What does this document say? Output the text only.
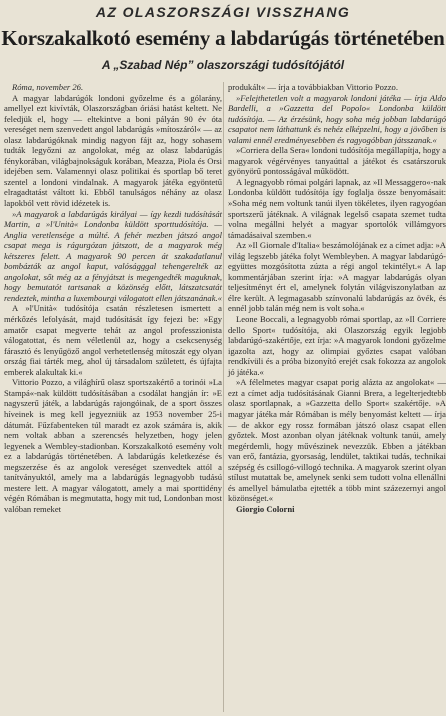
AZ OLASZORSZÁGI VISSZHANG
Korszakalkotó esemény a labdarúgás történetében
A „Szabad Nép” olaszországi tudósítójától

Róma, november 26.

A magyar labdarúgók londoni győzelme és a gólarány, amellyel ezt kivívták, Olaszországban óriási hatást keltett. Ne feledjük el, hogy — eltekintve a boni pályán 90 év óta vereséget nem szenvedett angol labdarúgás »mítoszáról« — az olasz labdarúgóknak mindig nagyon fájt az, hogy sohasem tudták legyőzni az angolokat, még az olasz labdarúgás fénykorában, világbajnokságuk korában, Meazza, Piola és Orsi idejében sem. Valamennyi olasz politikai és sportlap bő teret szentel a londoni vindalnak. A magyarok játéka egyöntetű elragadtatást váltott ki. Ebből tanulságos néhány az olasz lapokból vett rövid idézetek is.

»A magyarok a labdarúgás királyai — így kezdi tudósítását Martin, a »l'Unità« Londonba küldött sporttudósítója. — Anglia veretlensége a múlté. A fehér mezben játszó angol csapat mega is rágurgózan játszott, de a magyarok még kétszeres felett. A magyarok 90 percen át szakadatlanul bombázták az angol kaput, valóságggal tehengerelték az angolokat, sőt még az a fényjátszt is megengedték maguknak, hogy bemutatót tartsanak a közönség előtt, látszatcsatát rendeztek, mintha a luxembourgi válogatott ellen játszanának.«

A »l'Unità« tudósítója csatán részletesen ismertett a mérkőzés lefolyását, majd tudósítását így fejezi be: »Egy amatőr csapat megverte tehát az angol professzionista válogatottat, és nem véletlenül az, hogy a csekcsenység fárasztó és lenyűgöző angol verhetetlenség mítoszát egy olyan ország fiai tárték meg, ahol új társadalom született, és újfajta emberek alakultak ki.«

Vittorio Pozzo, a világhírű olasz sportszakértő a torinói »La Stampá«-nak küldött tudósításában a csodálat hangján ír: »E nagyszerű játék, a labdarúgás rajongóinak, de a sport összes híveinek is meg kell jegyezniük az 1953 november 25-i dátumát. Fűzfabenteken túl maradt ez azok számára is, akik nem voltak abban a szerencsés helyzetben, hogy jelen legyenek a Wembley-stadionban. Korszakalkotó esemény volt ez a labdarúgás történetében. A labdarúgás keletkezése és megszerzése és az angolok vereséget szenvedtek attól a tanítványuktól, amely ma a labdarúgás legnagyobb tudású mestere lett. A magyar válogatott, amely a mai sporttidény végén Rómában is megmutatta, hogy mit tud, Londonban most valóban remeket

produkált« — írja a továbbiakban Vittorio Pozzo.

»Felejthetetlen volt a magyarok londoni játéka — írja Aldo Bardelli, a »Gazzetta del Popolo« Londonba küldött tudósítója. — Az érzésünk, hogy soha még jobban labdarúgó csapatot nem láthattunk és nehéz elképzelni, hogy a jövőben is valami ennél eredményesebben és ragyogóbban játsszanak.«

»Corriera della Sera« londoni tudósítója megállapítja, hogy a magyarok végérvényes tanyaúttal a játékot és csatárszoruk gyönyörű pontosságával működött.

A legnagyobb római polgári lapnak, az »Il Messaggero«-nak Londonba küldött tudósítója így foglalja össze benyomásait: »Soha még nem voltunk tanúi ilyen tökéletes, ilyen ragyogóan sportszerű játéknak. A világnak legelső csapata szemet tudta volna megállni helyét a magyar sportolók villámgyors támadásaival szemben.«

Az »Il Giornale d'Italia« beszámolójának ez a címet adja: »A világ legszebb játéka folyt Wembleyben. A magyar labdarúgó-együttes mozgósította zúzta a régi angol tekintélyt.« A lap kommentárjában szerint írja: »A magyar labdarúgás olyan teljesítményt ért el, amelynek folytán világviszonylatban az élre került. A legmagasabb színvonalú labdarúgás az övék, és ennél jobb talán még nem is volt soha.«

Leone Boccali, a legnagyobb római sportlap, az »Il Corriere dello Sport« tudósítója, aki Olaszország egyik legjobb labdarúgó-szakértője, ezt írja: »A magyarok londoni győzelme igazolta azt, hogy az olimpiai győztes csapat valóban rendkívüli és a próba bizonyító erejét csak fokozza az angolok jó játéka.«

»A félelmetes magyar csapat porig alázta az angolokat« — ezt a címet adja tudósításának Gianni Brera, a legelterjedtebb olasz sportlapnak, a »Gazzetta dello Sport« szakértője. »A magyar játéka már Rómában is mély benyomást keltett — írja — de akkor egy rossz formában játszó olasz csapat ellen győztek. Most azonban olyan játéknak voltunk tanúi, amely megérdemli, hogy művészinek nevezzük. Ebben a játékban van erő, fantázia, gyorsaság, lendület, taktikai tudás, technikai szépség és csillogó-villogó technika. A magyarok szerint olyan stílust mutattak be, amelynek senki sem tudott volna ellenállni és amellyel bámulatba ejtették a több mint százezernyi angol közönséget.«

Giorgio Colorni
